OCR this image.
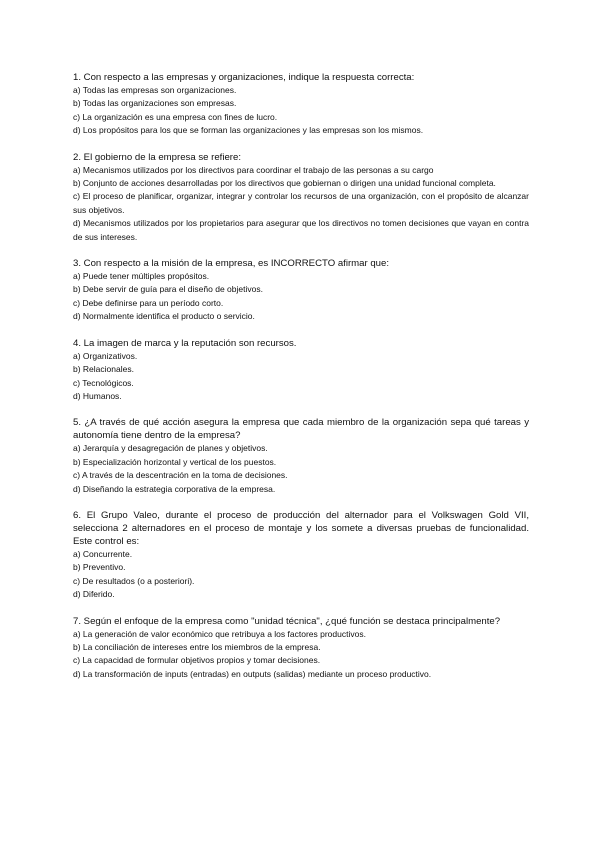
1. Con respecto a las empresas y organizaciones, indique la respuesta correcta:

a) Todas las empresas son organizaciones.
b) Todas las organizaciones son empresas.
c) La organización es una empresa con fines de lucro.
d) Los propósitos para los que se forman las organizaciones y las empresas son los mismos.

2. El gobierno de la empresa se refiere:

a) Mecanismos utilizados por los directivos para coordinar el trabajo de las personas a su cargo
b) Conjunto de acciones desarrolladas por los directivos que gobiernan o dirigen una unidad funcional completa.
c) El proceso de planificar, organizar, integrar y controlar los recursos de una organización, con el propósito de alcanzar sus objetivos.
d) Mecanismos utilizados por los propietarios para asegurar que los directivos no tomen decisiones que vayan en contra de sus intereses.

3. Con respecto a la misión de la empresa, es INCORRECTO afirmar que:

a) Puede tener múltiples propósitos.
b) Debe servir de guía para el diseño de objetivos.
c) Debe definirse para un período corto.
d) Normalmente identifica el producto o servicio.

4. La imagen de marca y la reputación son recursos.

a) Organizativos.
b) Relacionales.
c) Tecnológicos.
d) Humanos.

5. ¿A través de qué acción asegura la empresa que cada miembro de la organización sepa qué tareas y autonomía tiene dentro de la empresa?

a) Jerarquía y desagregación de planes y objetivos.
b) Especialización horizontal y vertical de los puestos.
c) A través de la descentración en la toma de decisiones.
d) Diseñando la estrategia corporativa de la empresa.

6. El Grupo Valeo, durante el proceso de producción del alternador para el Volkswagen Gold VII, selecciona 2 alternadores en el proceso de montaje y los somete a diversas pruebas de funcionalidad. Este control es:

a) Concurrente.
b) Preventivo.
c) De resultados (o a posteriori).
d) Diferido.

7. Según el enfoque de la empresa como "unidad técnica", ¿qué función se destaca principalmente?

a) La generación de valor económico que retribuya a los factores productivos.
b) La conciliación de intereses entre los miembros de la empresa.
c) La capacidad de formular objetivos propios y tomar decisiones.
d) La transformación de inputs (entradas) en outputs (salidas) mediante un proceso productivo.
